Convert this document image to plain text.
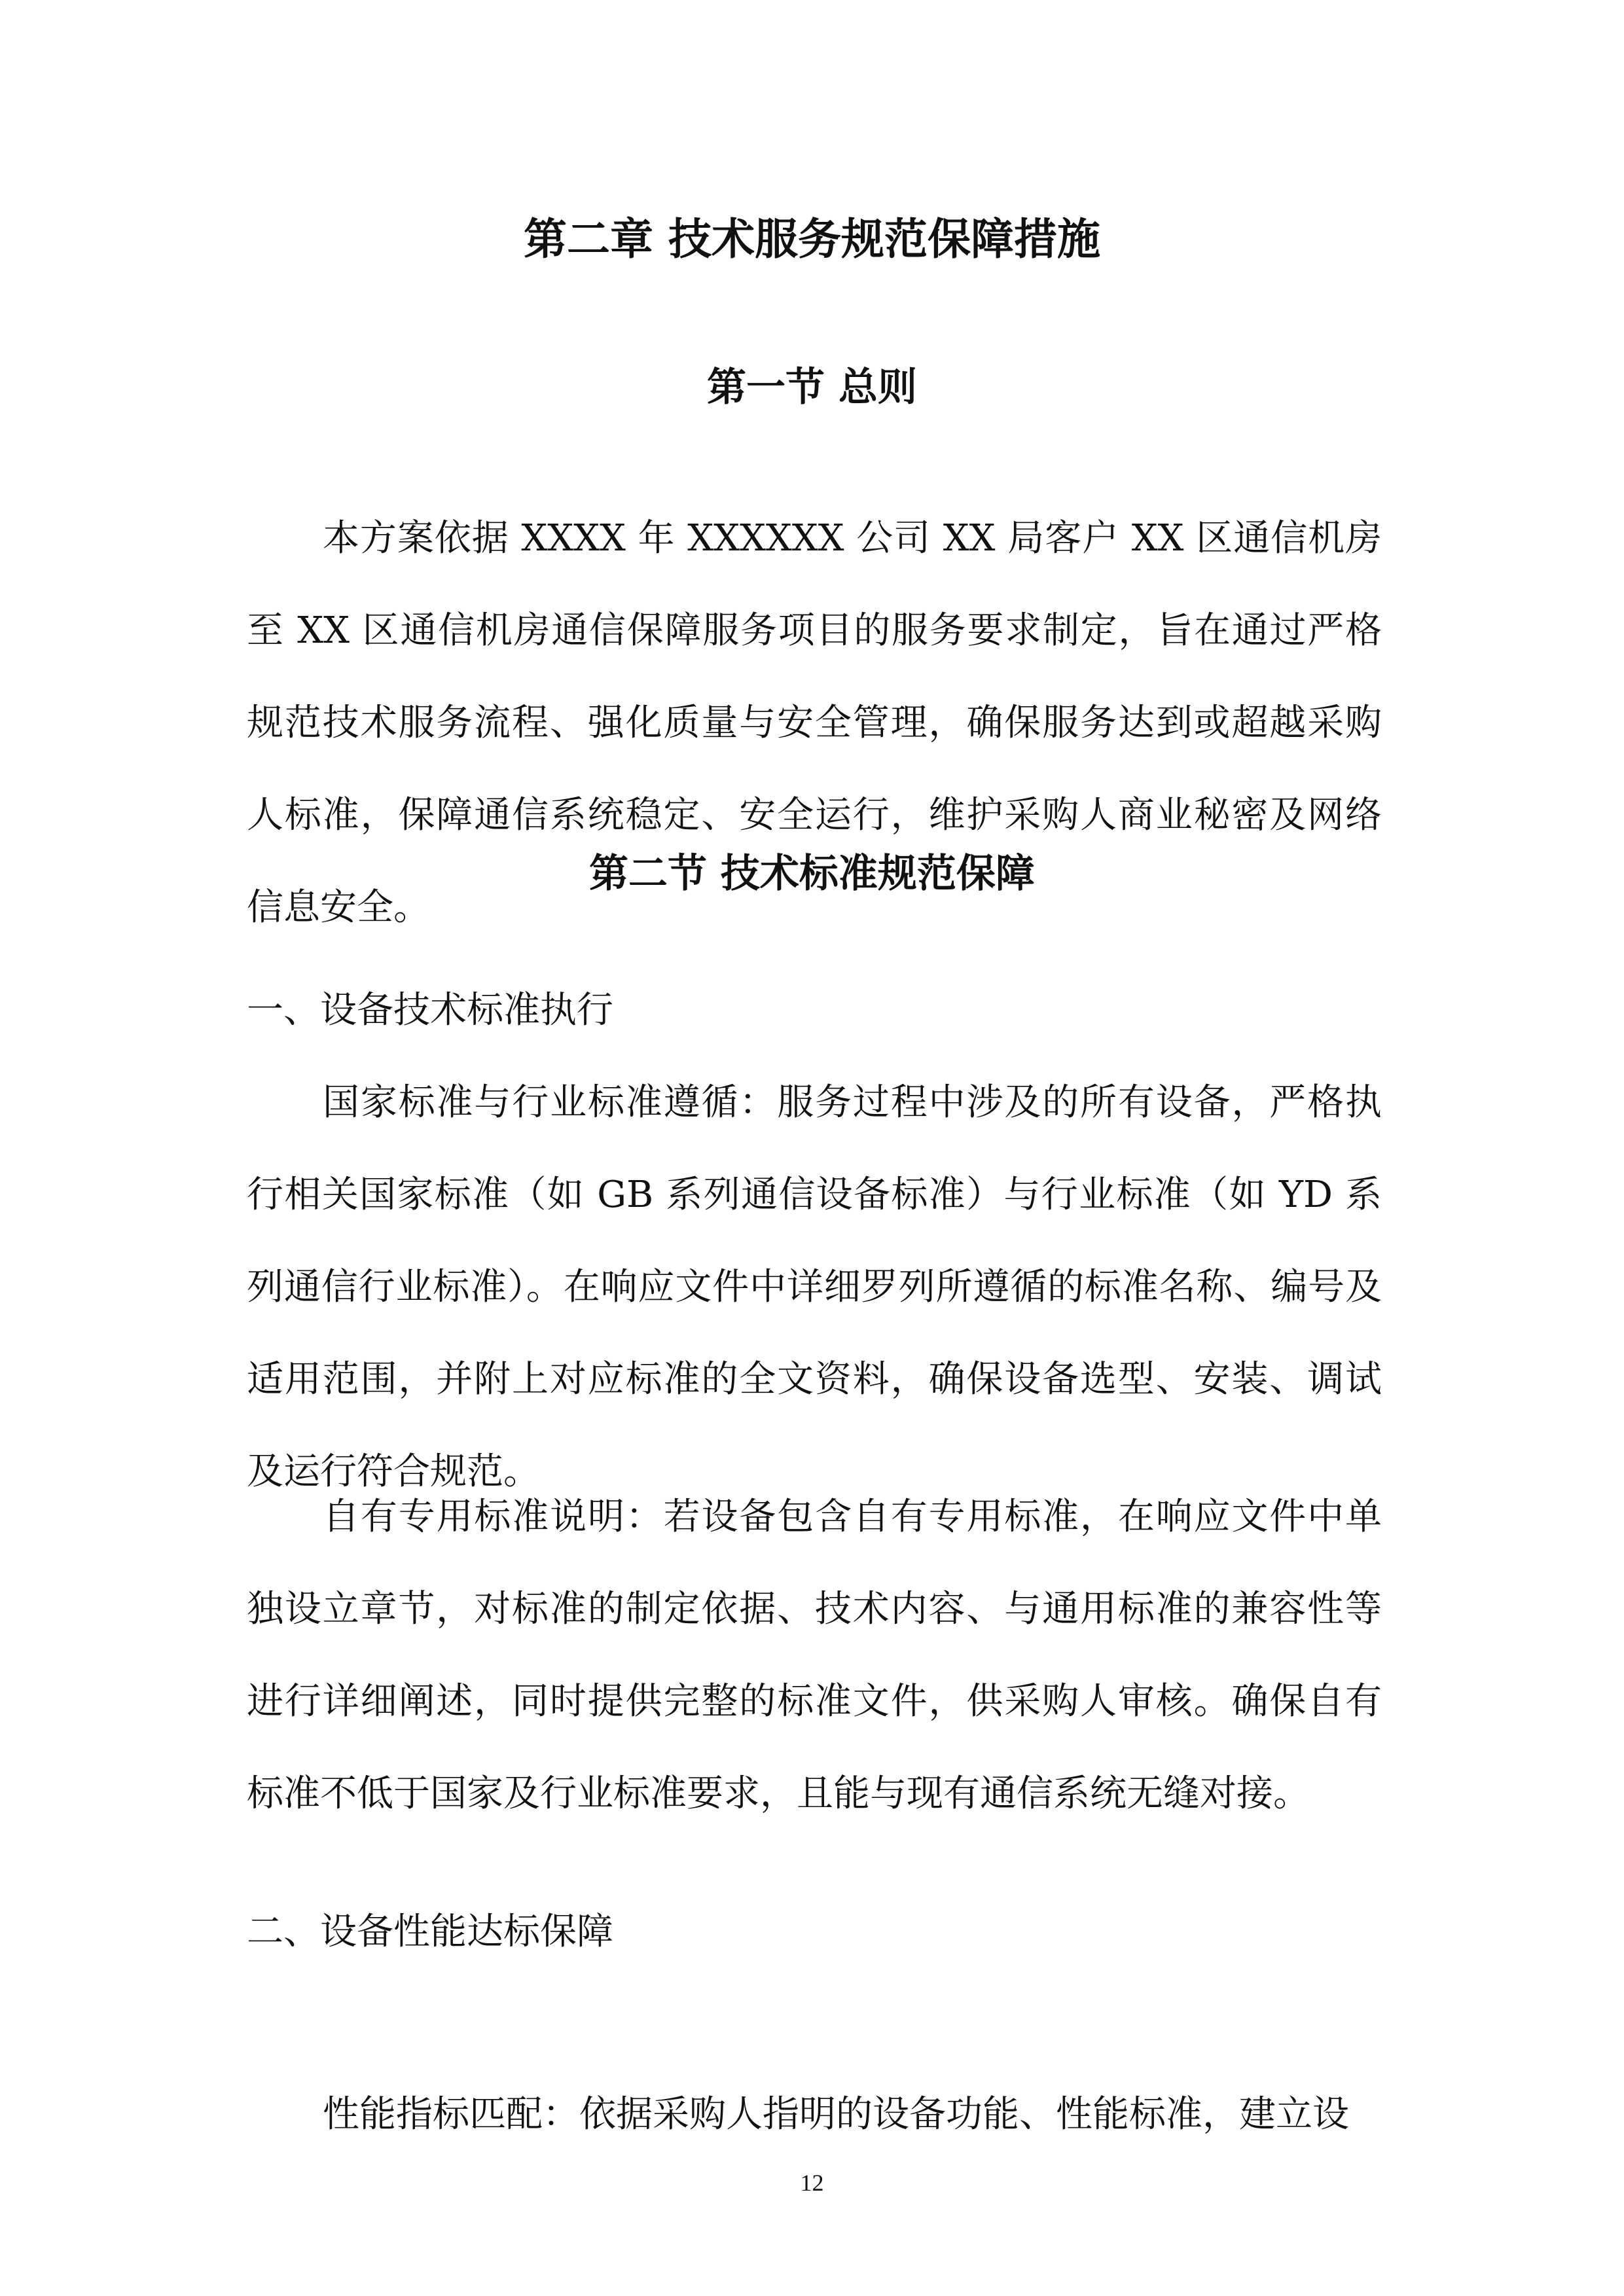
第二章 技术服务规范保障措施
第一节 总则

本方案依据 XXXX 年 XXXXXX 公司 XX 局客户 XX 区通信机房至 XX 区通信机房通信保障服务项目的服务要求制定，旨在通过严格规范技术服务流程、强化质量与安全管理，确保服务达到或超越采购人标准，保障通信系统稳定、安全运行，维护采购人商业秘密及网络信息安全。

第二节 技术标准规范保障

一、设备技术标准执行

国家标准与行业标准遵循：服务过程中涉及的所有设备，严格执行相关国家标准（如 GB 系列通信设备标准）与行业标准（如 YD 系列通信行业标准）。在响应文件中详细罗列所遵循的标准名称、编号及适用范围，并附上对应标准的全文资料，确保设备选型、安装、调试及运行符合规范。

自有专用标准说明：若设备包含自有专用标准，在响应文件中单独设立章节，对标准的制定依据、技术内容、与通用标准的兼容性等进行详细阐述，同时提供完整的标准文件，供采购人审核。确保自有标准不低于国家及行业标准要求，且能与现有通信系统无缝对接。

二、设备性能达标保障

性能指标匹配：依据采购人指明的设备功能、性能标准，建立设

12
